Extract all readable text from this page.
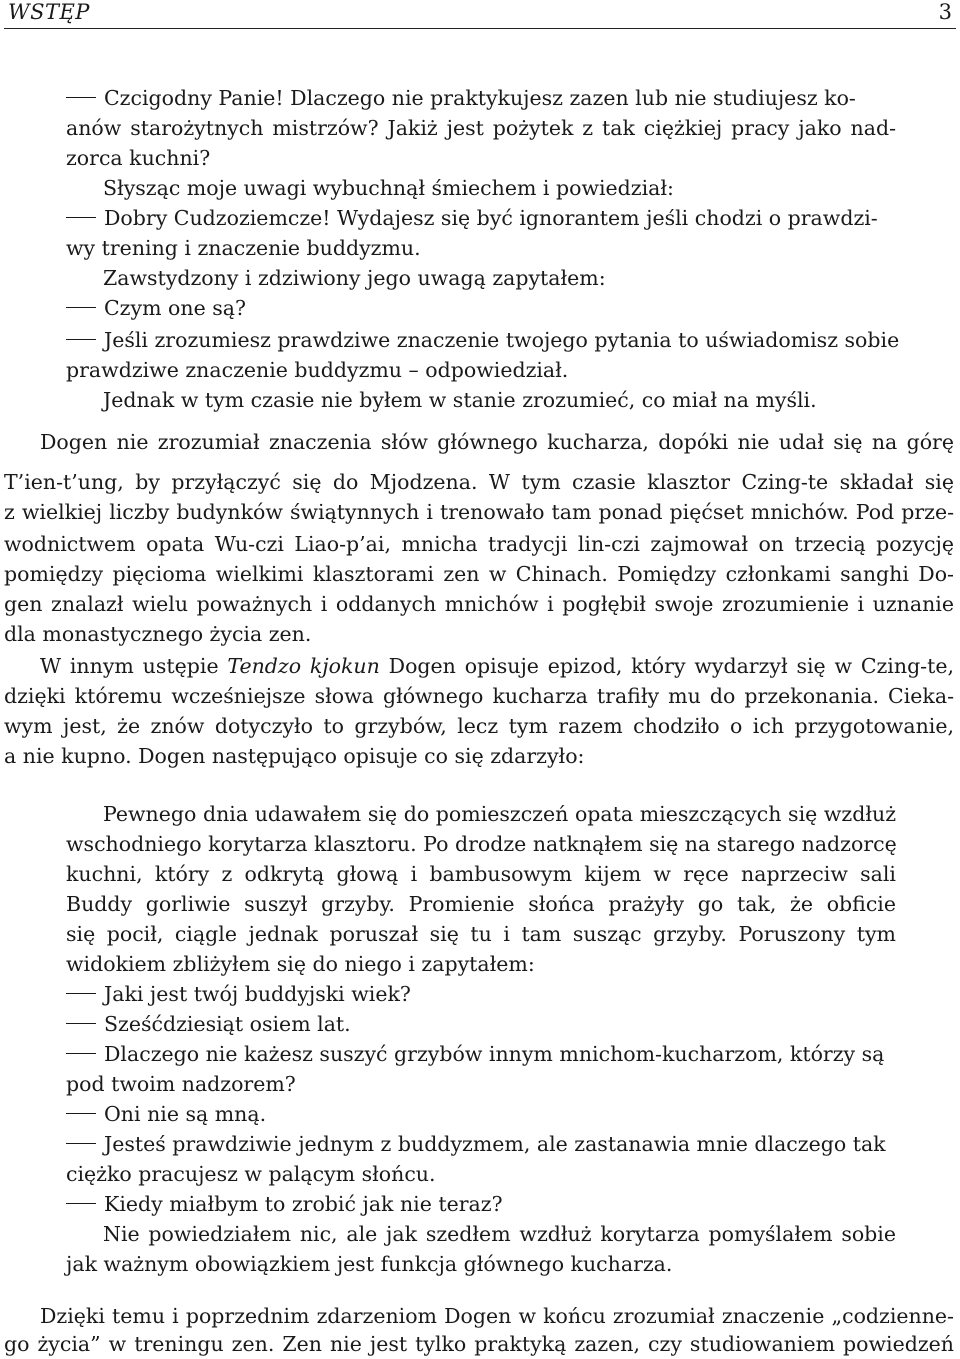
WSTĘP	3
Czcigodny Panie! Dlaczego nie praktykujesz zazen lub nie studiujesz ko-
anów starożytnych mistrzów? Jakiż jest pożytek z tak ciężkiej pracy jako nad-
zorca kuchni?
Słysząc moje uwagi wybuchnął śmiechem i powiedział:
Dobry Cudzoziemcze! Wydajesz się być ignorantem jeśli chodzi o prawdzi-
wy trening i znaczenie buddyzmu.
Zawstydzony i zdziwiony jego uwagą zapytałem:
Czym one są?
Jeśli zrozumiesz prawdziwe znaczenie twojego pytania to uświadomisz sobie
prawdziwe znaczenie buddyzmu – odpowiedział.
Jednak w tym czasie nie byłem w stanie zrozumieć, co miał na myśli.
Dogen nie zrozumiał znaczenia słów głównego kucharza, dopóki nie udał się na górę
T’ien-t’ung, by przyłączyć się do Mjodzena. W tym czasie klasztor Czing-te składał się
z wielkiej liczby budynków świątynnych i trenowało tam ponad pięćset mnichów. Pod prze-
wodnictwem opata Wu-czi Liao-p’ai, mnicha tradycji lin-czi zajmował on trzecią pozycję
pomiędzy pięcioma wielkimi klasztorami zen w Chinach. Pomiędzy członkami sanghi Do-
gen znalazł wielu poważnych i oddanych mnichów i pogłębił swoje zrozumienie i uznanie
dla monastycznego życia zen.
W innym ustępie Tendzo kjokun Dogen opisuje epizod, który wydarzył się w Czing-te,
dzięki któremu wcześniejsze słowa głównego kucharza trafiły mu do przekonania. Cieka-
wym jest, że znów dotyczyło to grzybów, lecz tym razem chodziło o ich przygotowanie,
a nie kupno. Dogen następująco opisuje co się zdarzyło:
Pewnego dnia udawałem się do pomieszczeń opata mieszczących się wzdłuż
wschodniego korytarza klasztoru. Po drodze natknąłem się na starego nadzorcę
kuchni, który z odkrytą głową i bambusowym kijem w ręce naprzeciw sali
Buddy gorliwie suszył grzyby. Promienie słońca prażyły go tak, że obficie
się pocił, ciągle jednak poruszał się tu i tam susząc grzyby. Poruszony tym
widokiem zbliżyłem się do niego i zapytałem:
Jaki jest twój buddyjski wiek?
Sześćdziesiąt osiem lat.
Dlaczego nie każesz suszyć grzybów innym mnichom-kucharzom, którzy są
pod twoim nadzorem?
Oni nie są mną.
Jesteś prawdziwie jednym z buddyzmem, ale zastanawia mnie dlaczego tak
ciężko pracujesz w palącym słońcu.
Kiedy miałbym to zrobić jak nie teraz?
Nie powiedziałem nic, ale jak szedłem wzdłuż korytarza pomyślałem sobie
jak ważnym obowiązkiem jest funkcja głównego kucharza.
Dzięki temu i poprzednim zdarzeniom Dogen w końcu zrozumiał znaczenie „codzienne-
go życia” w treningu zen. Zen nie jest tylko praktyką zazen, czy studiowaniem powiedzeń
